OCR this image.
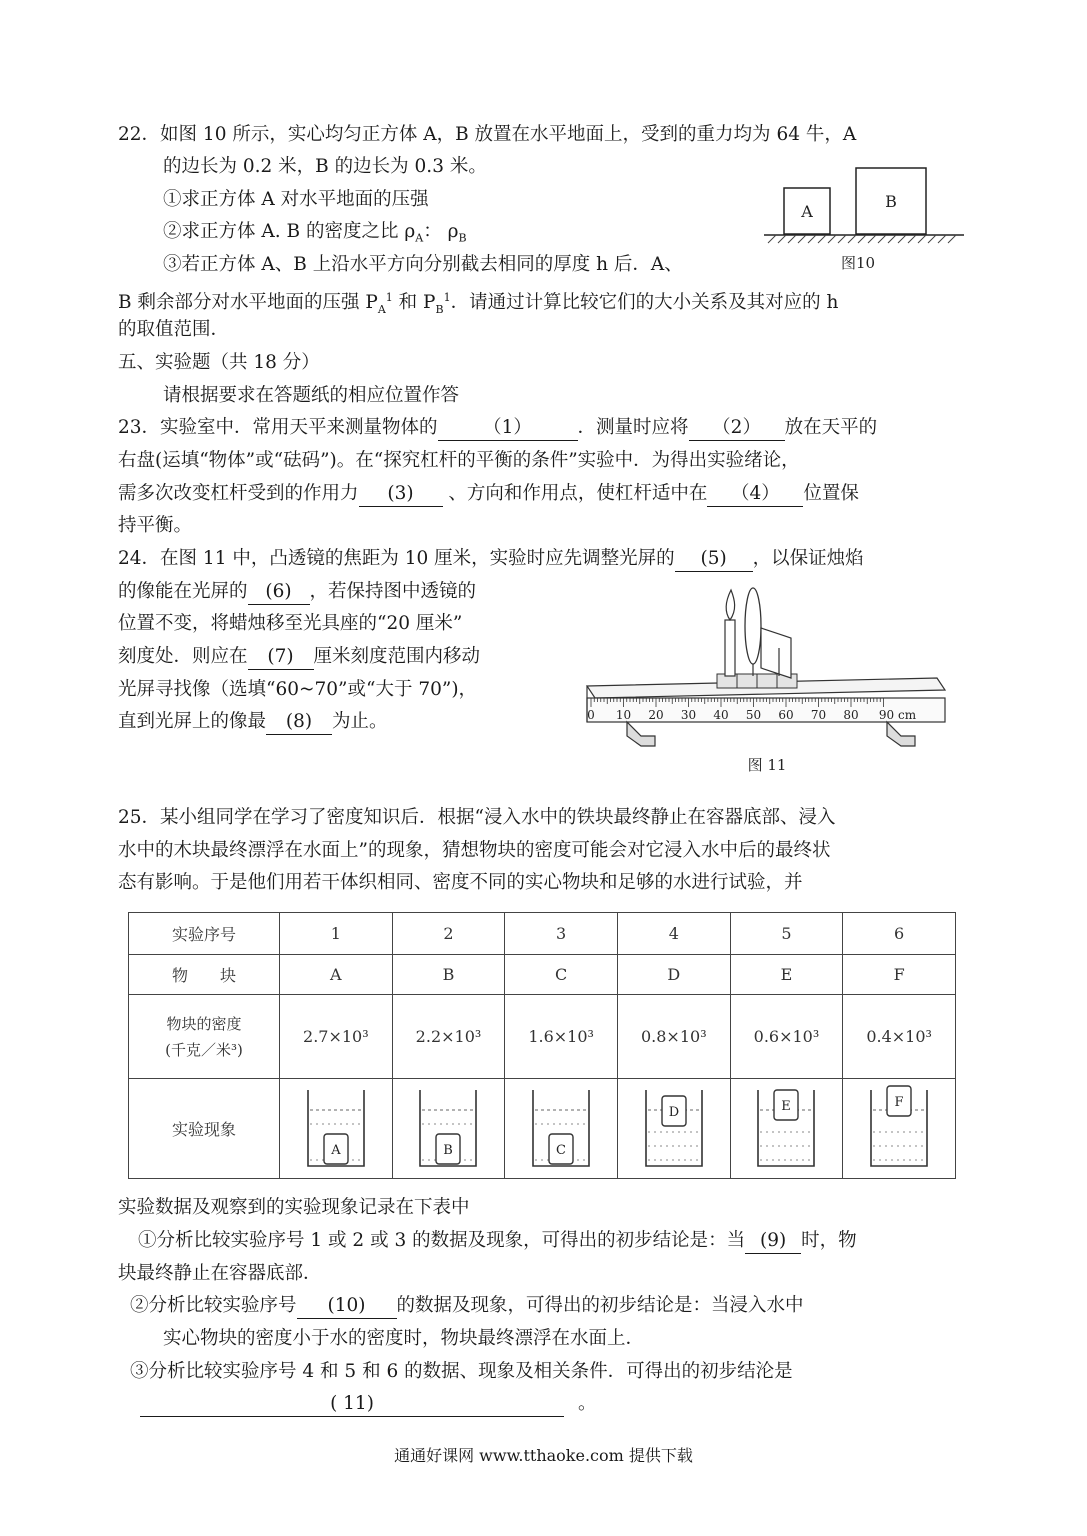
22．如图 10 所示，实心均匀正方体 A，B 放置在水平地面上，受到的重力均为 64 牛，A
的边长为 0.2 米，B 的边长为 0.3 米。
①求正方体 A 对水平地面的压强
②求正方体 A. B 的密度之比 $\rho_A$： $\rho_B$
③若正方体 A、B 上沿水平方向分别截去相同的厚度 h 后．A、
B 剩余部分对水平地面的压强 $P_A^1$ 和 $P_B^1$．请通过计算比较它们的大小关系及其对应的 h
的取值范围．
A
B
图10
五、实验题（共 18 分）
请根据要求在答题纸的相应位置作答
23．实验室中．常用天平来测量物体的 （1） ．测量时应将 （2） 放在天平的
右盘(运填“物体”或“砝码”)。在“探究杠杆的平衡的条件”实验中．为得出实验绪论，
需多次改变杠杆受到的作用力 (3) 、方向和作用点，使杠杆适中在 （4） 位置保
持平衡。
24．在图 11 中，凸透镜的焦距为 10 厘米，实验时应先调整光屏的 (5) ，以保证烛焰
的像能在光屏的 (6) ，若保持图中透镜的
位置不变，将蜡烛移至光具座的“20 厘米”
刻度处．则应在 (7) 厘米刻度范围内移动
光屏寻找像（选填“60~70”或“大于 70”)，
直到光屏上的像最 (8) 为止。	0 10 20 30 40 50 60 70 80 90 cm
图 11
25．某小组同学在学习了密度知识后．根据“浸入水中的铁块最终静止在容器底部、浸入
水中的木块最终漂浮在水面上”的现象，猜想物块的密度可能会对它浸入水中后的最终状
态有影响。于是他们用若干体织相同、密度不同的实心物块和足够的水进行试验，并
实验序号	1	2	3	4	5	6
物　　块	A	B	C	D	E	F

物块的密度
(千克／米³)	2.7×10³	2.2×10³	1.6×10³	0.8×10³	0.6×10³	0.4×10³
实验现象	A	B	C	D	E	F
实验数据及观察到的实验现象记录在下表中
①分析比较实验序号 1 或 2 或 3 的数据及现象，可得出的初步结论是：当 (9) 时，物
块最终静止在容器底部．
②分析比较实验序号 (10) 的数据及现象，可得出的初步结论是：当浸入水中
实心物块的密度小于水的密度时，物块最终漂浮在水面上．
③分析比较实验序号 4 和 5 和 6 的数据、现象及相关条件．可得出的初步结沦是
( 11)	。
通通好课网 www.tthaoke.com 提供下载
